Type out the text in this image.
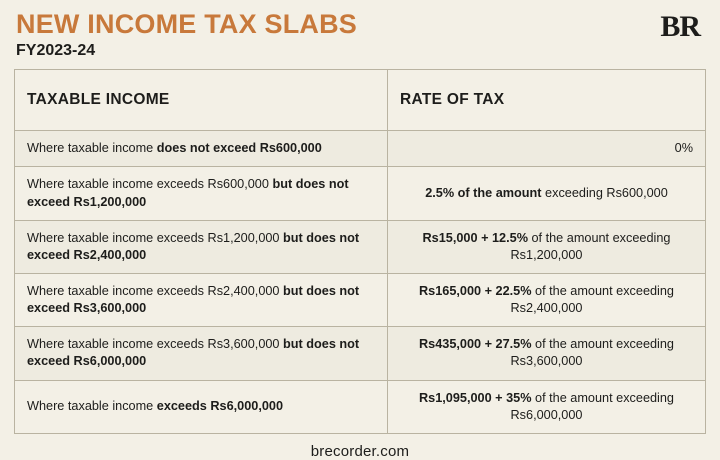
NEW INCOME TAX SLABS
FY2023-24
BR
TAXABLE INCOME	RATE OF TAX
Where taxable income does not exceed Rs600,000	0%
Where taxable income exceeds Rs600,000 but does not exceed Rs1,200,000	2.5% of the amount exceeding Rs600,000
Where taxable income exceeds Rs1,200,000 but does not exceed Rs2,400,000	Rs15,000 + 12.5% of the amount exceeding
Rs1,200,000
Where taxable income exceeds Rs2,400,000 but does not exceed Rs3,600,000	Rs165,000 + 22.5% of the amount exceeding
Rs2,400,000
Where taxable income exceeds Rs3,600,000 but does not exceed Rs6,000,000	Rs435,000 + 27.5% of the amount exceeding
Rs3,600,000
Where taxable income exceeds Rs6,000,000	Rs1,095,000 + 35% of the amount exceeding
Rs6,000,000
brecorder.com
